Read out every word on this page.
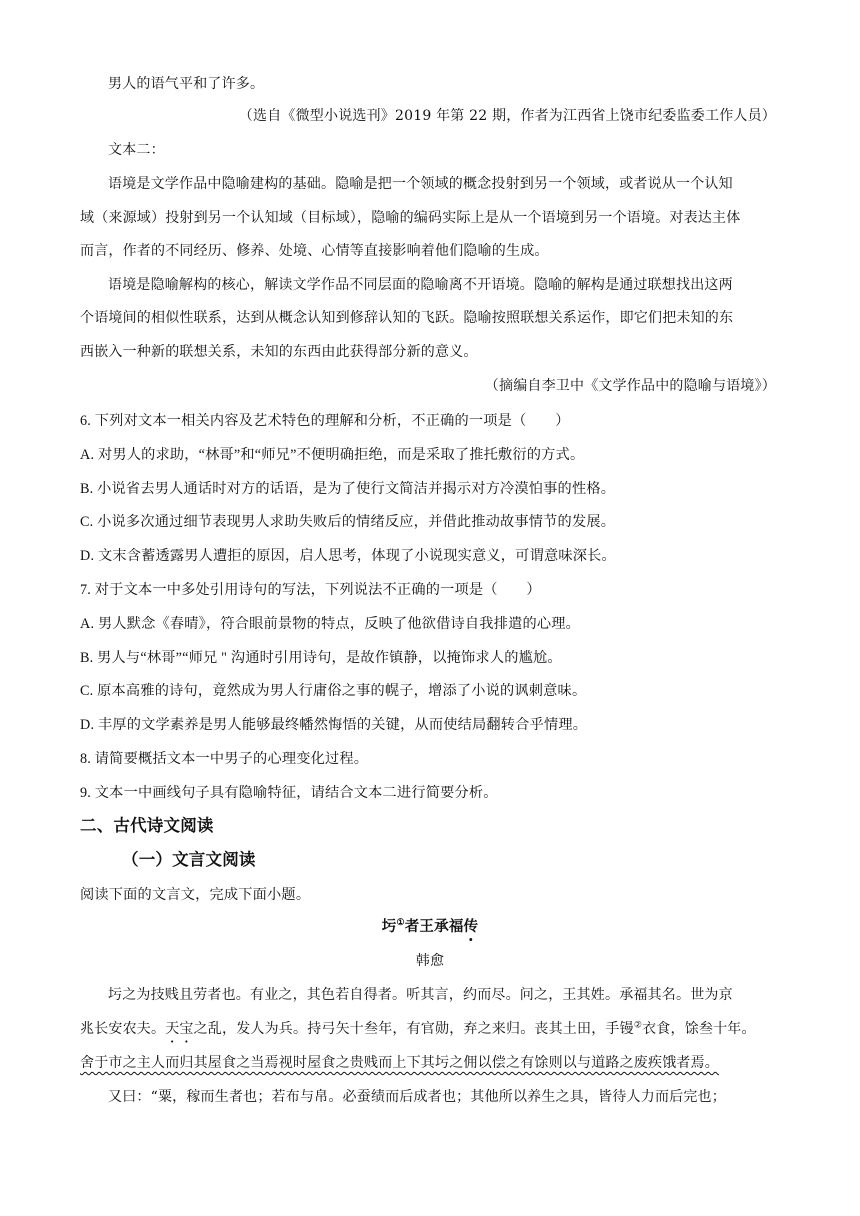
男人的语气平和了许多。
（选自《微型小说选刊》2019 年第 22 期，作者为江西省上饶市纪委监委工作人员）
文本二：
语境是文学作品中隐喻建构的基础。隐喻是把一个领域的概念投射到另一个领域，或者说从一个认知
域（来源域）投射到另一个认知域（目标域），隐喻的编码实际上是从一个语境到另一个语境。对表达主体
而言，作者的不同经历、修养、处境、心情等直接影响着他们隐喻的生成。
语境是隐喻解构的核心，解读文学作品不同层面的隐喻离不开语境。隐喻的解构是通过联想找出这两
个语境间的相似性联系，达到从概念认知到修辞认知的飞跃。隐喻按照联想关系运作，即它们把未知的东
西嵌入一种新的联想关系，未知的东西由此获得部分新的意义。
（摘编自李卫中《文学作品中的隐喻与语境》）
6. 下列对文本一相关内容及艺术特色的理解和分析，不正确的一项是（　　）
A. 对男人的求助，“林哥”和“师兄”不便明确拒绝，而是采取了推托敷衍的方式。
B. 小说省去男人通话时对方的话语，是为了使行文简洁并揭示对方冷漠怕事的性格。
C. 小说多次通过细节表现男人求助失败后的情绪反应，并借此推动故事情节的发展。
D. 文末含蓄透露男人遭拒的原因，启人思考，体现了小说现实意义，可谓意味深长。
7. 对于文本一中多处引用诗句的写法，下列说法不正确的一项是（　　）
A. 男人默念《春晴》，符合眼前景物的特点，反映了他欲借诗自我排遣的心理。
B. 男人与“林哥”“师兄 " 沟通时引用诗句，是故作镇静，以掩饰求人的尴尬。
C. 原本高雅的诗句，竟然成为男人行庸俗之事的幌子，增添了小说的讽刺意味。
D. 丰厚的文学素养是男人能够最终幡然悔悟的关键，从而使结局翻转合乎情理。
8. 请简要概括文本一中男子的心理变化过程。
9. 文本一中画线句子具有隐喻特征，请结合文本二进行简要分析。
二、古代诗文阅读
（一）文言文阅读
阅读下面的文言文，完成下面小题。
圬①者王承福传
韩愈
圬之为技贱且劳者也。有业之，其色若自得者。听其言，约而尽。问之，王其姓。承福其名。世为京
兆长安农夫。天宝之乱，发人为兵。持弓矢十叁年，有官勋，弃之来归。丧其土田，手镘②衣食，馀叁十年。
舍于市之主人而归其屋食之当焉视时屋食之贵贱而上下其圬之佣以偿之有馀则以与道路之废疾饿者焉。
又曰：“粟，稼而生者也；若布与帛。必蚕绩而后成者也；其他所以养生之具，皆待人力而后完也；
